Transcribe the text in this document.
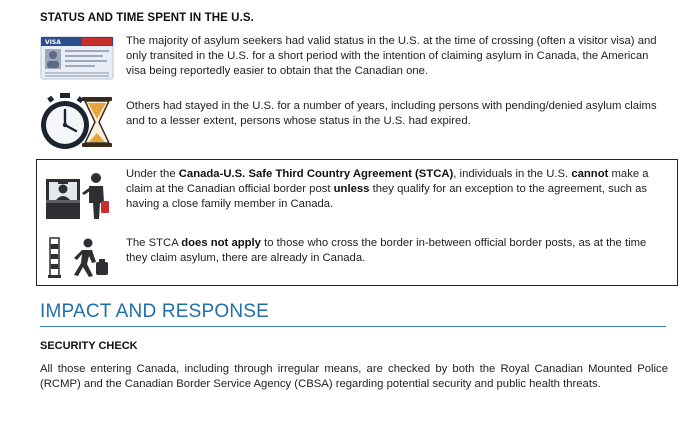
STATUS AND TIME SPENT IN THE U.S.
VISA	The majority of asylum seekers had valid status in the U.S. at the time of crossing (often a visitor visa) and only transited in the U.S. for a short period with the intention of claiming asylum in Canada, the American visa being reportedly easier to obtain that the Canadian one.
Others had stayed in the U.S. for a number of years, including persons with pending/denied asylum claims and to a lesser extent, persons whose status in the U.S. had expired.
Under the Canada-U.S. Safe Third Country Agreement (STCA), individuals in the U.S. cannot make a claim at the Canadian official border post unless they qualify for an exception to the agreement, such as having a close family member in Canada.
The STCA does not apply to those who cross the border in-between official border posts, as at the time they claim asylum, there are already in Canada.
IMPACT AND RESPONSE
SECURITY CHECK
All those entering Canada, including through irregular means, are checked by both the Royal Canadian Mounted Police (RCMP) and the Canadian Border Service Agency (CBSA) regarding potential security and public health threats.
